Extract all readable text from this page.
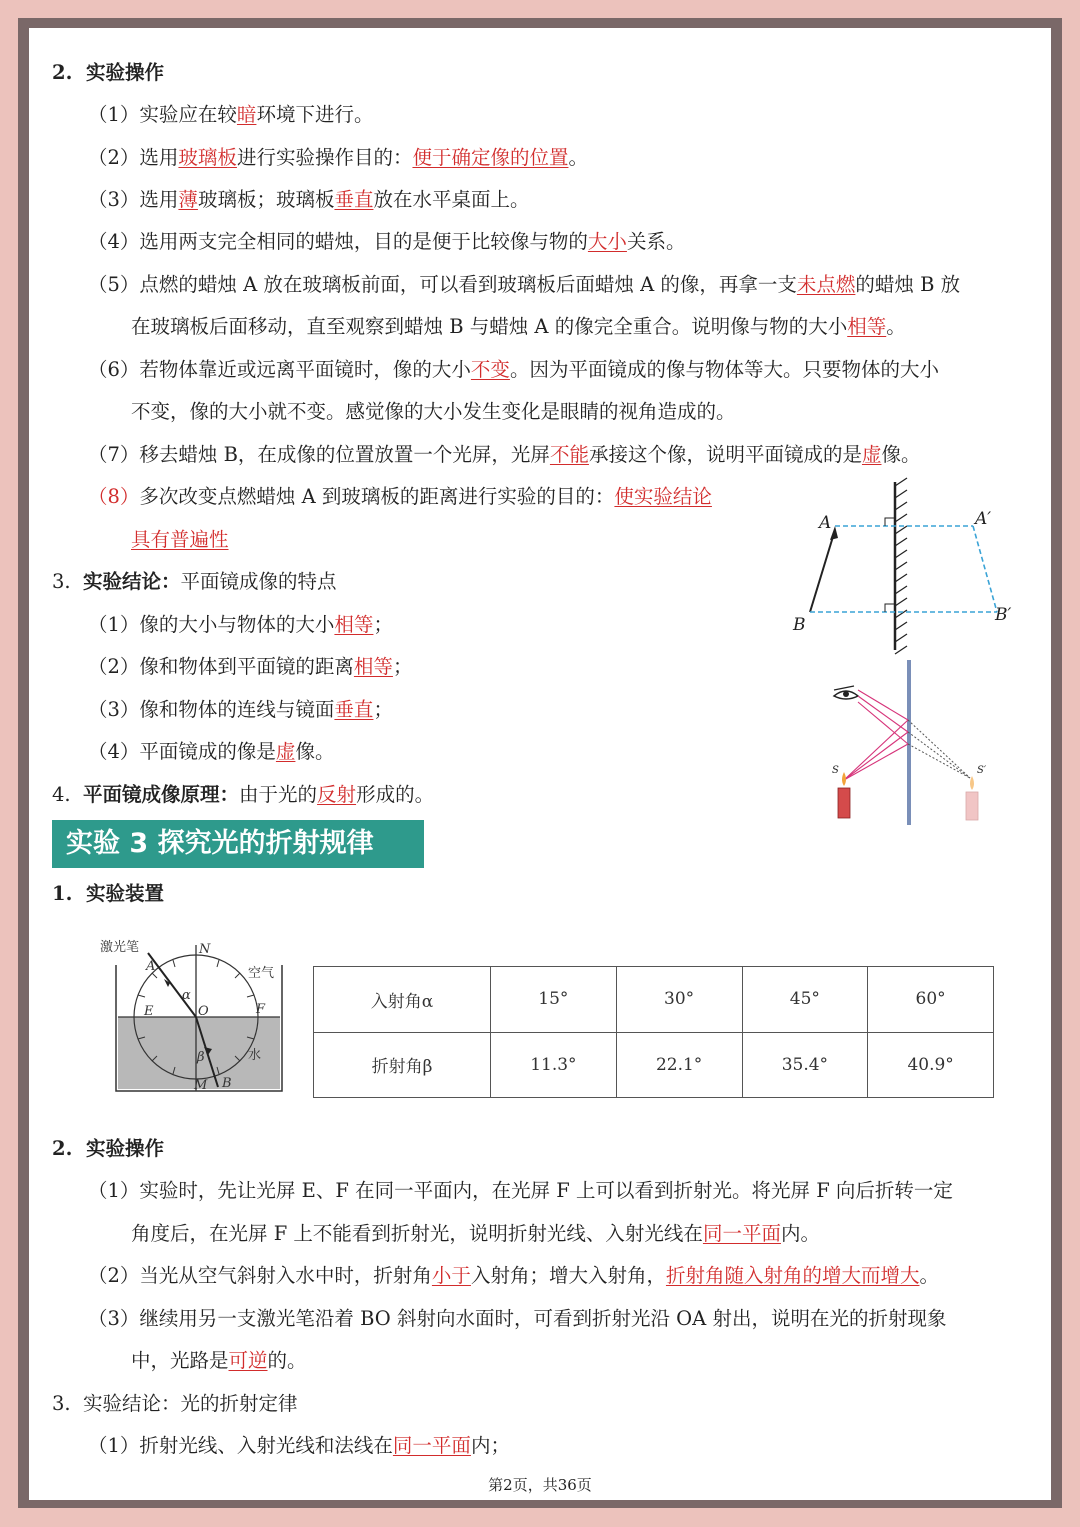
2. 实验操作
（1）实验应在较暗环境下进行。
（2）选用玻璃板进行实验操作目的：便于确定像的位置。
（3）选用薄玻璃板；玻璃板垂直放在水平桌面上。
（4）选用两支完全相同的蜡烛，目的是便于比较像与物的大小关系。
（5）点燃的蜡烛 A 放在玻璃板前面，可以看到玻璃板后面蜡烛 A 的像，再拿一支未点燃的蜡烛 B 放
在玻璃板后面移动，直至观察到蜡烛 B 与蜡烛 A 的像完全重合。说明像与物的大小相等。
（6）若物体靠近或远离平面镜时，像的大小不变。因为平面镜成的像与物体等大。只要物体的大小
不变，像的大小就不变。感觉像的大小发生变化是眼睛的视角造成的。
（7）移去蜡烛 B，在成像的位置放置一个光屏，光屏不能承接这个像，说明平面镜成的是虚像。
（8）多次改变点燃蜡烛 A 到玻璃板的距离进行实验的目的：使实验结论
具有普遍性
3. 实验结论：平面镜成像的特点
（1）像的大小与物体的大小相等；
（2）像和物体到平面镜的距离相等；
（3）像和物体的连线与镜面垂直；
（4）平面镜成的像是虚像。
4. 平面镜成像原理：由于光的反射形成的。
A
B
A′
B′
S	S′
实验 3 探究光的折射规律
1. 实验装置
激光笔	N
空气
水
A
E	F
O
α
β
M B
入射角α	15°	30°	45°	60°
折射角β	11.3°	22.1°	35.4°	40.9°
2. 实验操作
（1）实验时，先让光屏 E、F 在同一平面内，在光屏 F 上可以看到折射光。将光屏 F 向后折转一定
角度后，在光屏 F 上不能看到折射光，说明折射光线、入射光线在同一平面内。
（2）当光从空气斜射入水中时，折射角小于入射角；增大入射角，折射角随入射角的增大而增大。
（3）继续用另一支激光笔沿着 BO 斜射向水面时，可看到折射光沿 OA 射出，说明在光的折射现象
中，光路是可逆的。
3. 实验结论：光的折射定律
（1）折射光线、入射光线和法线在同一平面内；
第2页，共36页
